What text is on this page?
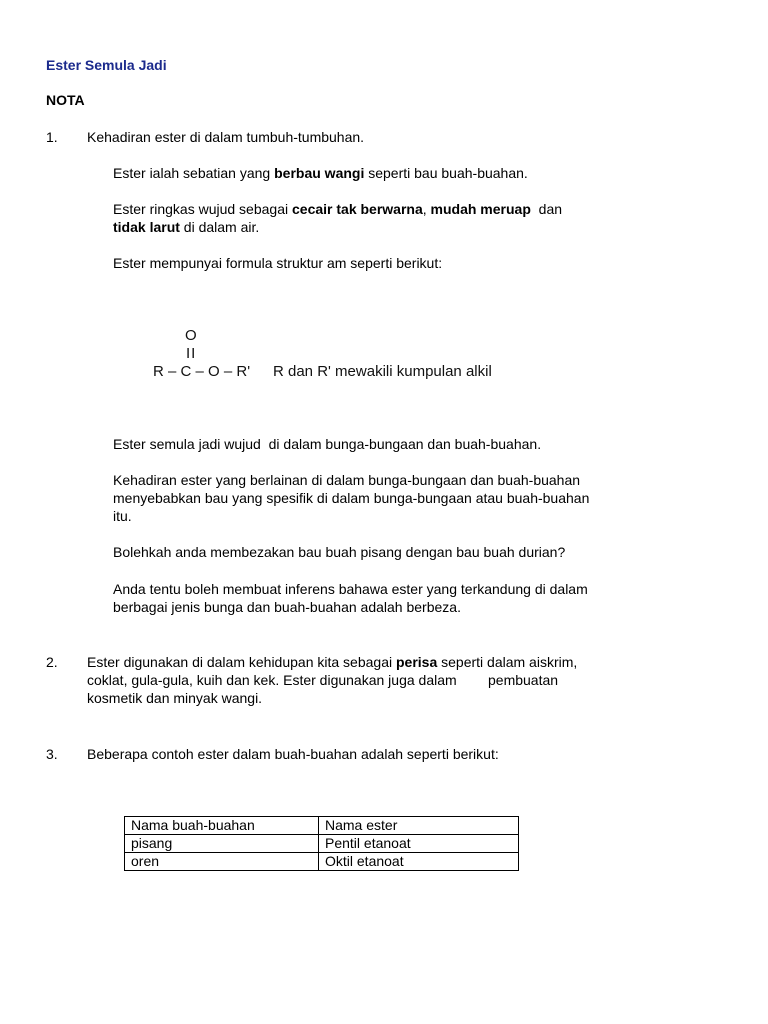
Ester Semula Jadi
NOTA
1. Kehadiran ester di dalam tumbuh-tumbuhan.
Ester ialah sebatian yang berbau wangi seperti bau buah-buahan.
Ester ringkas wujud sebagai cecair tak berwarna, mudah meruap  dan
tidak larut di dalam air.
Ester mempunyai formula struktur am seperti berikut:
O
II
R – C – O – R' R dan R' mewakili kumpulan alkil
Ester semula jadi wujud  di dalam bunga-bungaan dan buah-buahan.
Kehadiran ester yang berlainan di dalam bunga-bungaan dan buah-buahan
menyebabkan bau yang spesifik di dalam bunga-bungaan atau buah-buahan
itu.
Bolehkah anda membezakan bau buah pisang dengan bau buah durian?
Anda tentu boleh membuat inferens bahawa ester yang terkandung di dalam
berbagai jenis bunga dan buah-buahan adalah berbeza.
2. Ester digunakan di dalam kehidupan kita sebagai perisa seperti dalam aiskrim,
coklat, gula-gula, kuih dan kek. Ester digunakan juga dalam pembuatan
kosmetik dan minyak wangi.
3. Beberapa contoh ester dalam buah-buahan adalah seperti berikut:
Nama buah-buahan	Nama ester
pisang	Pentil etanoat
oren	Oktil etanoat
